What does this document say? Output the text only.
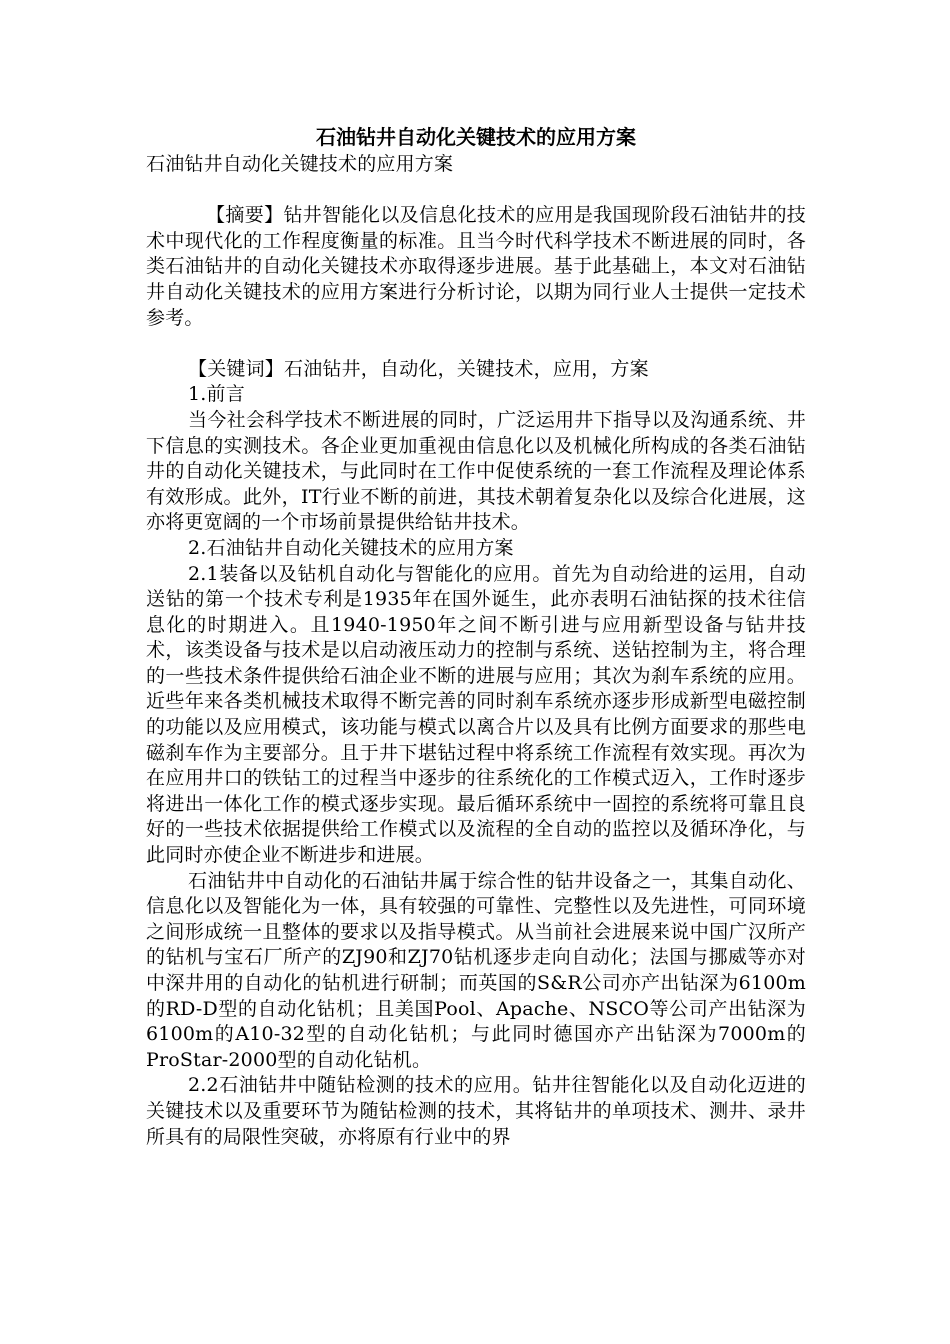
石油钻井自动化关键技术的应用方案

石油钻井自动化关键技术的应用方案

【摘要】钻井智能化以及信息化技术的应用是我国现阶段石油钻井的技术中现代化的工作程度衡量的标准。且当今时代科学技术不断进展的同时，各类石油钻井的自动化关键技术亦取得逐步进展。基于此基础上，本文对石油钻井自动化关键技术的应用方案进行分析讨论，以期为同行业人士提供一定技术参考。

【关键词】石油钻井，自动化，关键技术，应用，方案

1.前言

当今社会科学技术不断进展的同时，广泛运用井下指导以及沟通系统、井下信息的实测技术。各企业更加重视由信息化以及机械化所构成的各类石油钻井的自动化关键技术，与此同时在工作中促使系统的一套工作流程及理论体系有效形成。此外，IT行业不断的前进，其技术朝着复杂化以及综合化进展，这亦将更宽阔的一个市场前景提供给钻井技术。

2.石油钻井自动化关键技术的应用方案

2.1装备以及钻机自动化与智能化的应用。首先为自动给进的运用，自动送钻的第一个技术专利是1935年在国外诞生，此亦表明石油钻探的技术往信息化的时期进入。且1940-1950年之间不断引进与应用新型设备与钻井技术，该类设备与技术是以启动液压动力的控制与系统、送钻控制为主，将合理的一些技术条件提供给石油企业不断的进展与应用；其次为刹车系统的应用。近些年来各类机械技术取得不断完善的同时刹车系统亦逐步形成新型电磁控制的功能以及应用模式，该功能与模式以离合片以及具有比例方面要求的那些电磁刹车作为主要部分。且于井下堪钻过程中将系统工作流程有效实现。再次为在应用井口的铁钻工的过程当中逐步的往系统化的工作模式迈入，工作时逐步将进出一体化工作的模式逐步实现。最后循环系统中一固控的系统将可靠且良好的一些技术依据提供给工作模式以及流程的全自动的监控以及循环净化，与此同时亦使企业不断进步和进展。

石油钻井中自动化的石油钻井属于综合性的钻井设备之一，其集自动化、信息化以及智能化为一体，具有较强的可靠性、完整性以及先进性，可同环境之间形成统一且整体的要求以及指导模式。从当前社会进展来说中国广汉所产的钻机与宝石厂所产的ZJ90和ZJ70钻机逐步走向自动化；法国与挪威等亦对中深井用的自动化的钻机进行研制；而英国的S&R公司亦产出钻深为6100m的RD-D型的自动化钻机；且美国Pool、Apache、NSCO等公司产出钻深为6100m的A10-32型的自动化钻机；与此同时德国亦产出钻深为7000m的ProStar-2000型的自动化钻机。

2.2石油钻井中随钻检测的技术的应用。钻井往智能化以及自动化迈进的关键技术以及重要环节为随钻检测的技术，其将钻井的单项技术、测井、录井所具有的局限性突破，亦将原有行业中的界
